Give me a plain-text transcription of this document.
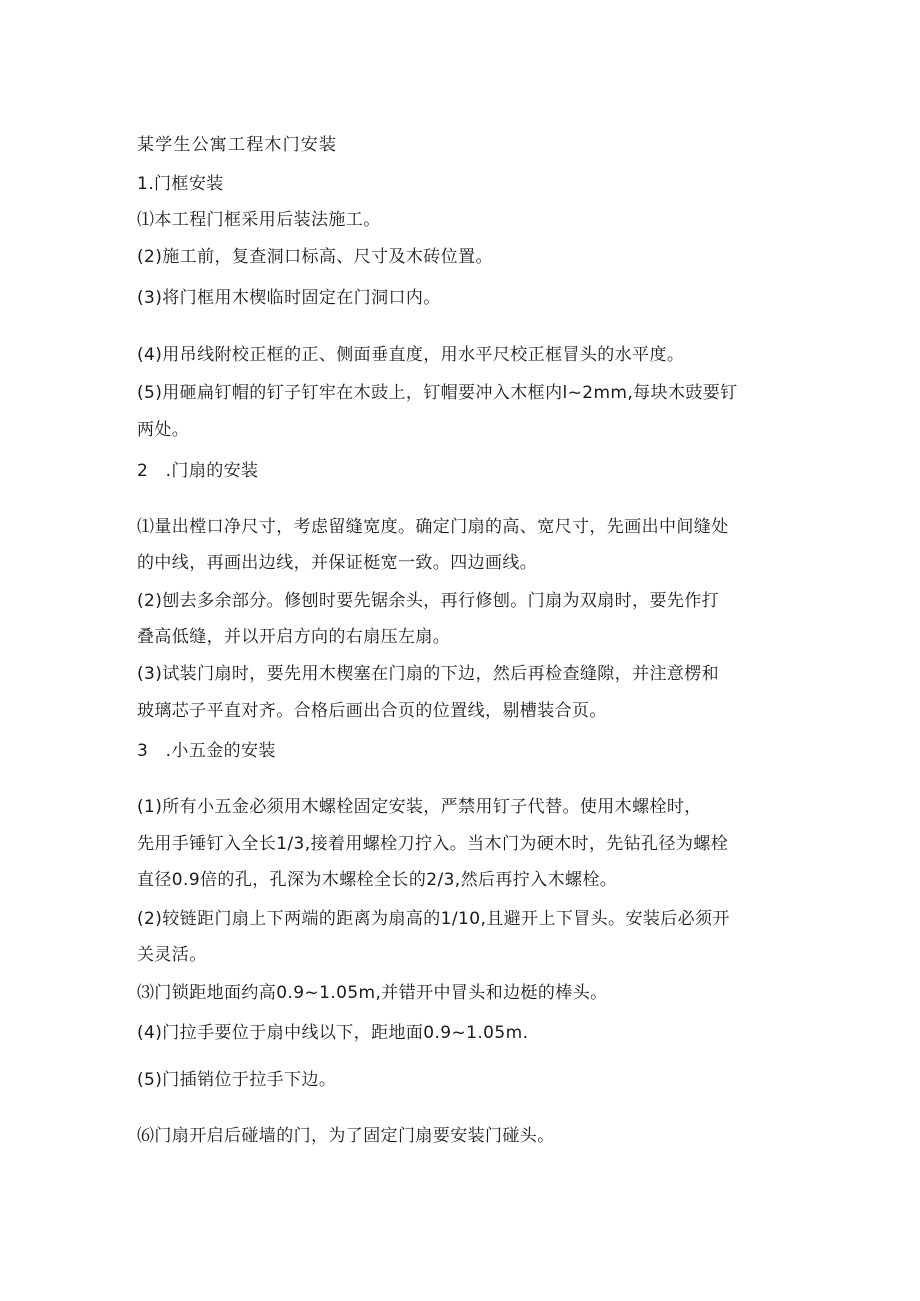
某学生公寓工程木门安装

1.门框安装

⑴本工程门框采用后装法施工。

(2)施工前，复查洞口标高、尺寸及木砖位置。

(3)将门框用木楔临时固定在门洞口内。

(4)用吊线附校正框的正、侧面垂直度，用水平尺校正框冒头的水平度。

(5)用砸扁钉帽的钉子钉牢在木豉上，钉帽要冲入木框内l~2mm,每块木豉要钉

两处。

2　.门扇的安装

⑴量出樘口净尺寸，考虑留缝宽度。确定门扇的高、宽尺寸，先画出中间缝处

的中线，再画出边线，并保证梃宽一致。四边画线。

(2)刨去多余部分。修刨时要先锯余头，再行修刨。门扇为双扇时，要先作打

叠高低缝，并以开启方向的右扇压左扇。

(3)试装门扇时，要先用木楔塞在门扇的下边，然后再检查缝隙，并注意楞和

玻璃芯子平直对齐。合格后画出合页的位置线，剔槽装合页。

3　.小五金的安装

(1)所有小五金必须用木螺栓固定安装，严禁用钉子代替。使用木螺栓时，

先用手锤钉入全长1/3,接着用螺栓刀拧入。当木门为硬木时，先钻孔径为螺栓

直径0.9倍的孔，孔深为木螺栓全长的2/3,然后再拧入木螺栓。

(2)较链距门扇上下两端的距离为扇高的1/10,且避开上下冒头。安装后必须开

关灵活。

⑶门锁距地面约高0.9~1.05m,并错开中冒头和边梃的棒头。

(4)门拉手要位于扇中线以下，距地面0.9~1.05m.

(5)门插销位于拉手下边。

⑹门扇开启后碰墙的门，为了固定门扇要安装门碰头。
